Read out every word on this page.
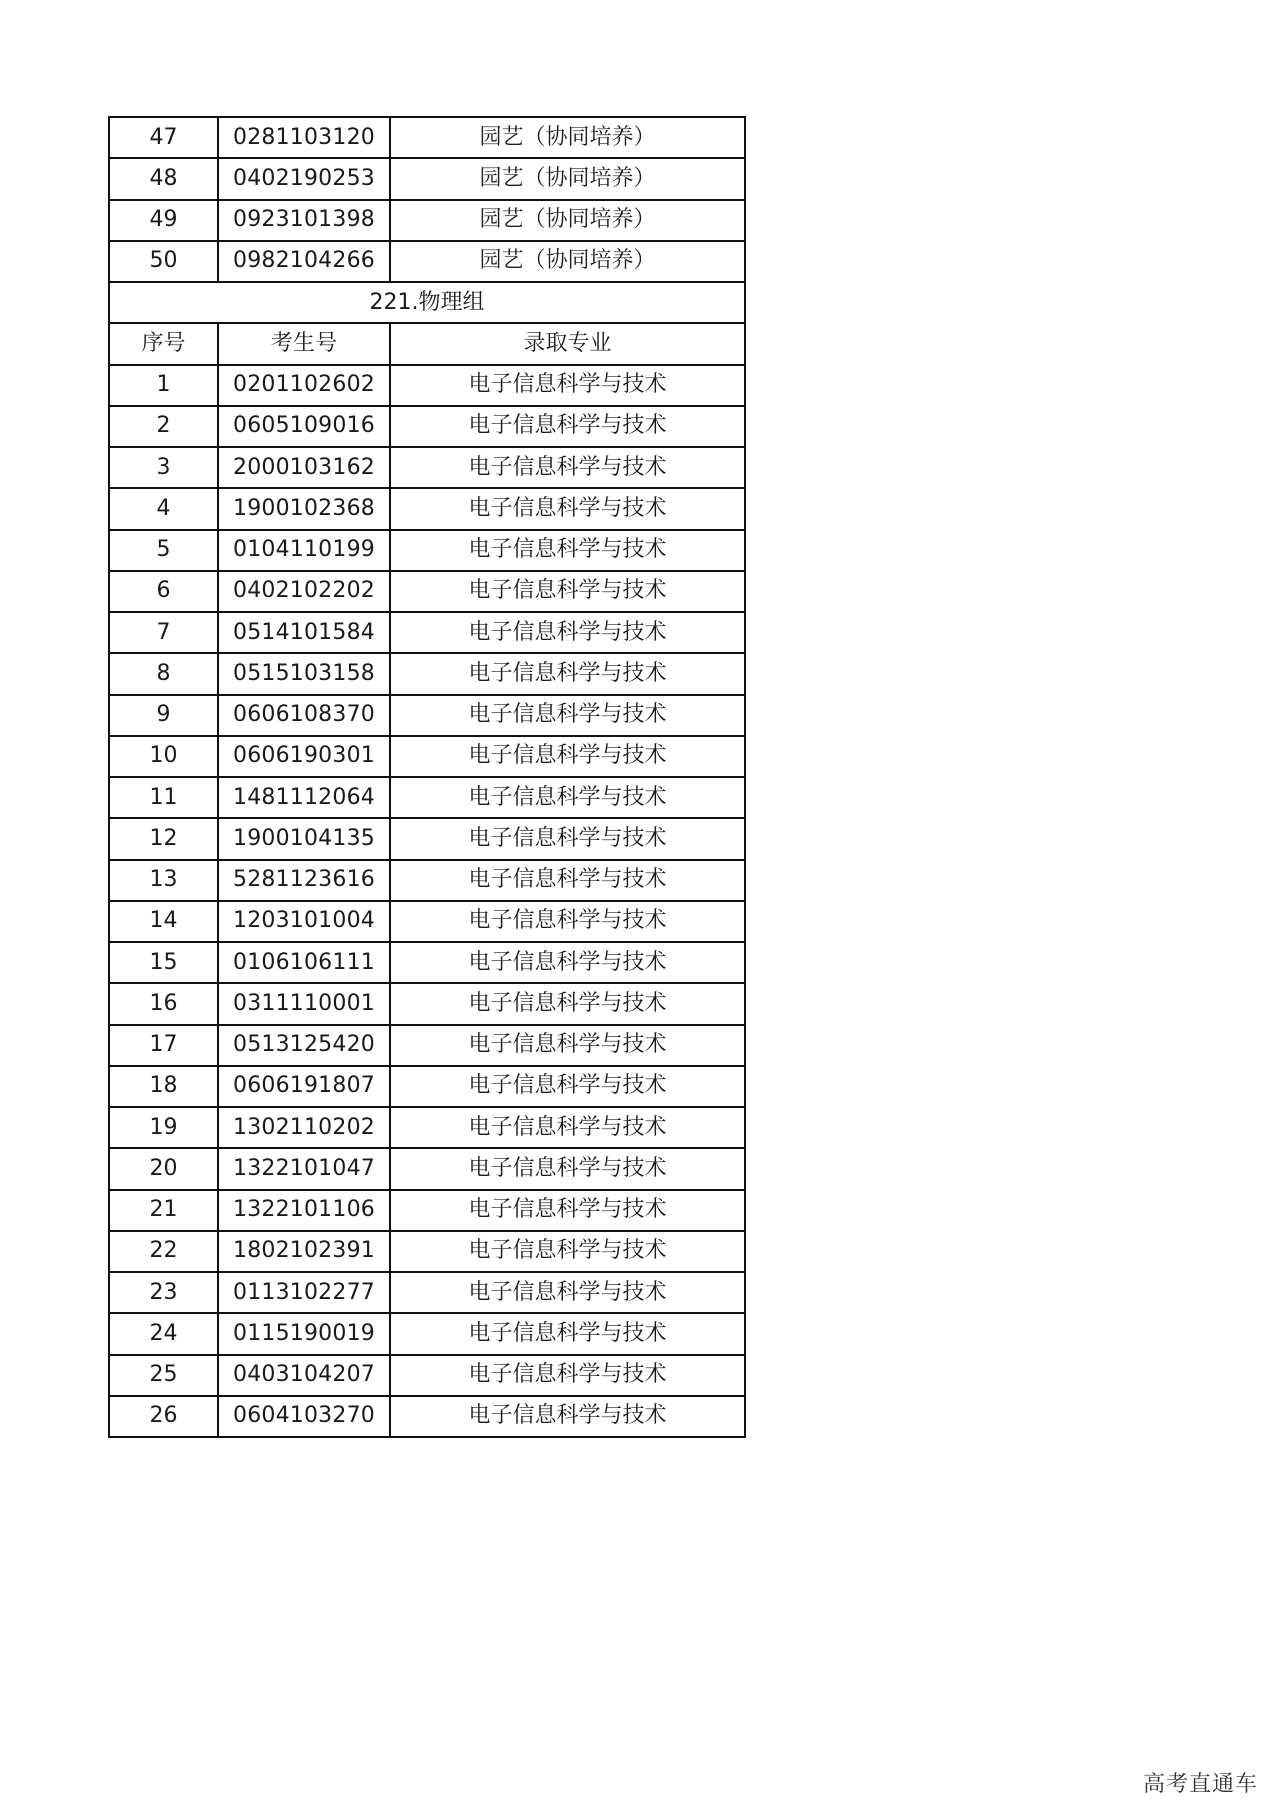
47	0281103120	园艺（协同培养）
48	0402190253	园艺（协同培养）
49	0923101398	园艺（协同培养）
50	0982104266	园艺（协同培养）
221.物理组		
序号	考生号	录取专业
1	0201102602	电子信息科学与技术
2	0605109016	电子信息科学与技术
3	2000103162	电子信息科学与技术
4	1900102368	电子信息科学与技术
5	0104110199	电子信息科学与技术
6	0402102202	电子信息科学与技术
7	0514101584	电子信息科学与技术
8	0515103158	电子信息科学与技术
9	0606108370	电子信息科学与技术
10	0606190301	电子信息科学与技术
11	1481112064	电子信息科学与技术
12	1900104135	电子信息科学与技术
13	5281123616	电子信息科学与技术
14	1203101004	电子信息科学与技术
15	0106106111	电子信息科学与技术
16	0311110001	电子信息科学与技术
17	0513125420	电子信息科学与技术
18	0606191807	电子信息科学与技术
19	1302110202	电子信息科学与技术
20	1322101047	电子信息科学与技术
21	1322101106	电子信息科学与技术
22	1802102391	电子信息科学与技术
23	0113102277	电子信息科学与技术
24	0115190019	电子信息科学与技术
25	0403104207	电子信息科学与技术
26	0604103270	电子信息科学与技术
高考直通车
